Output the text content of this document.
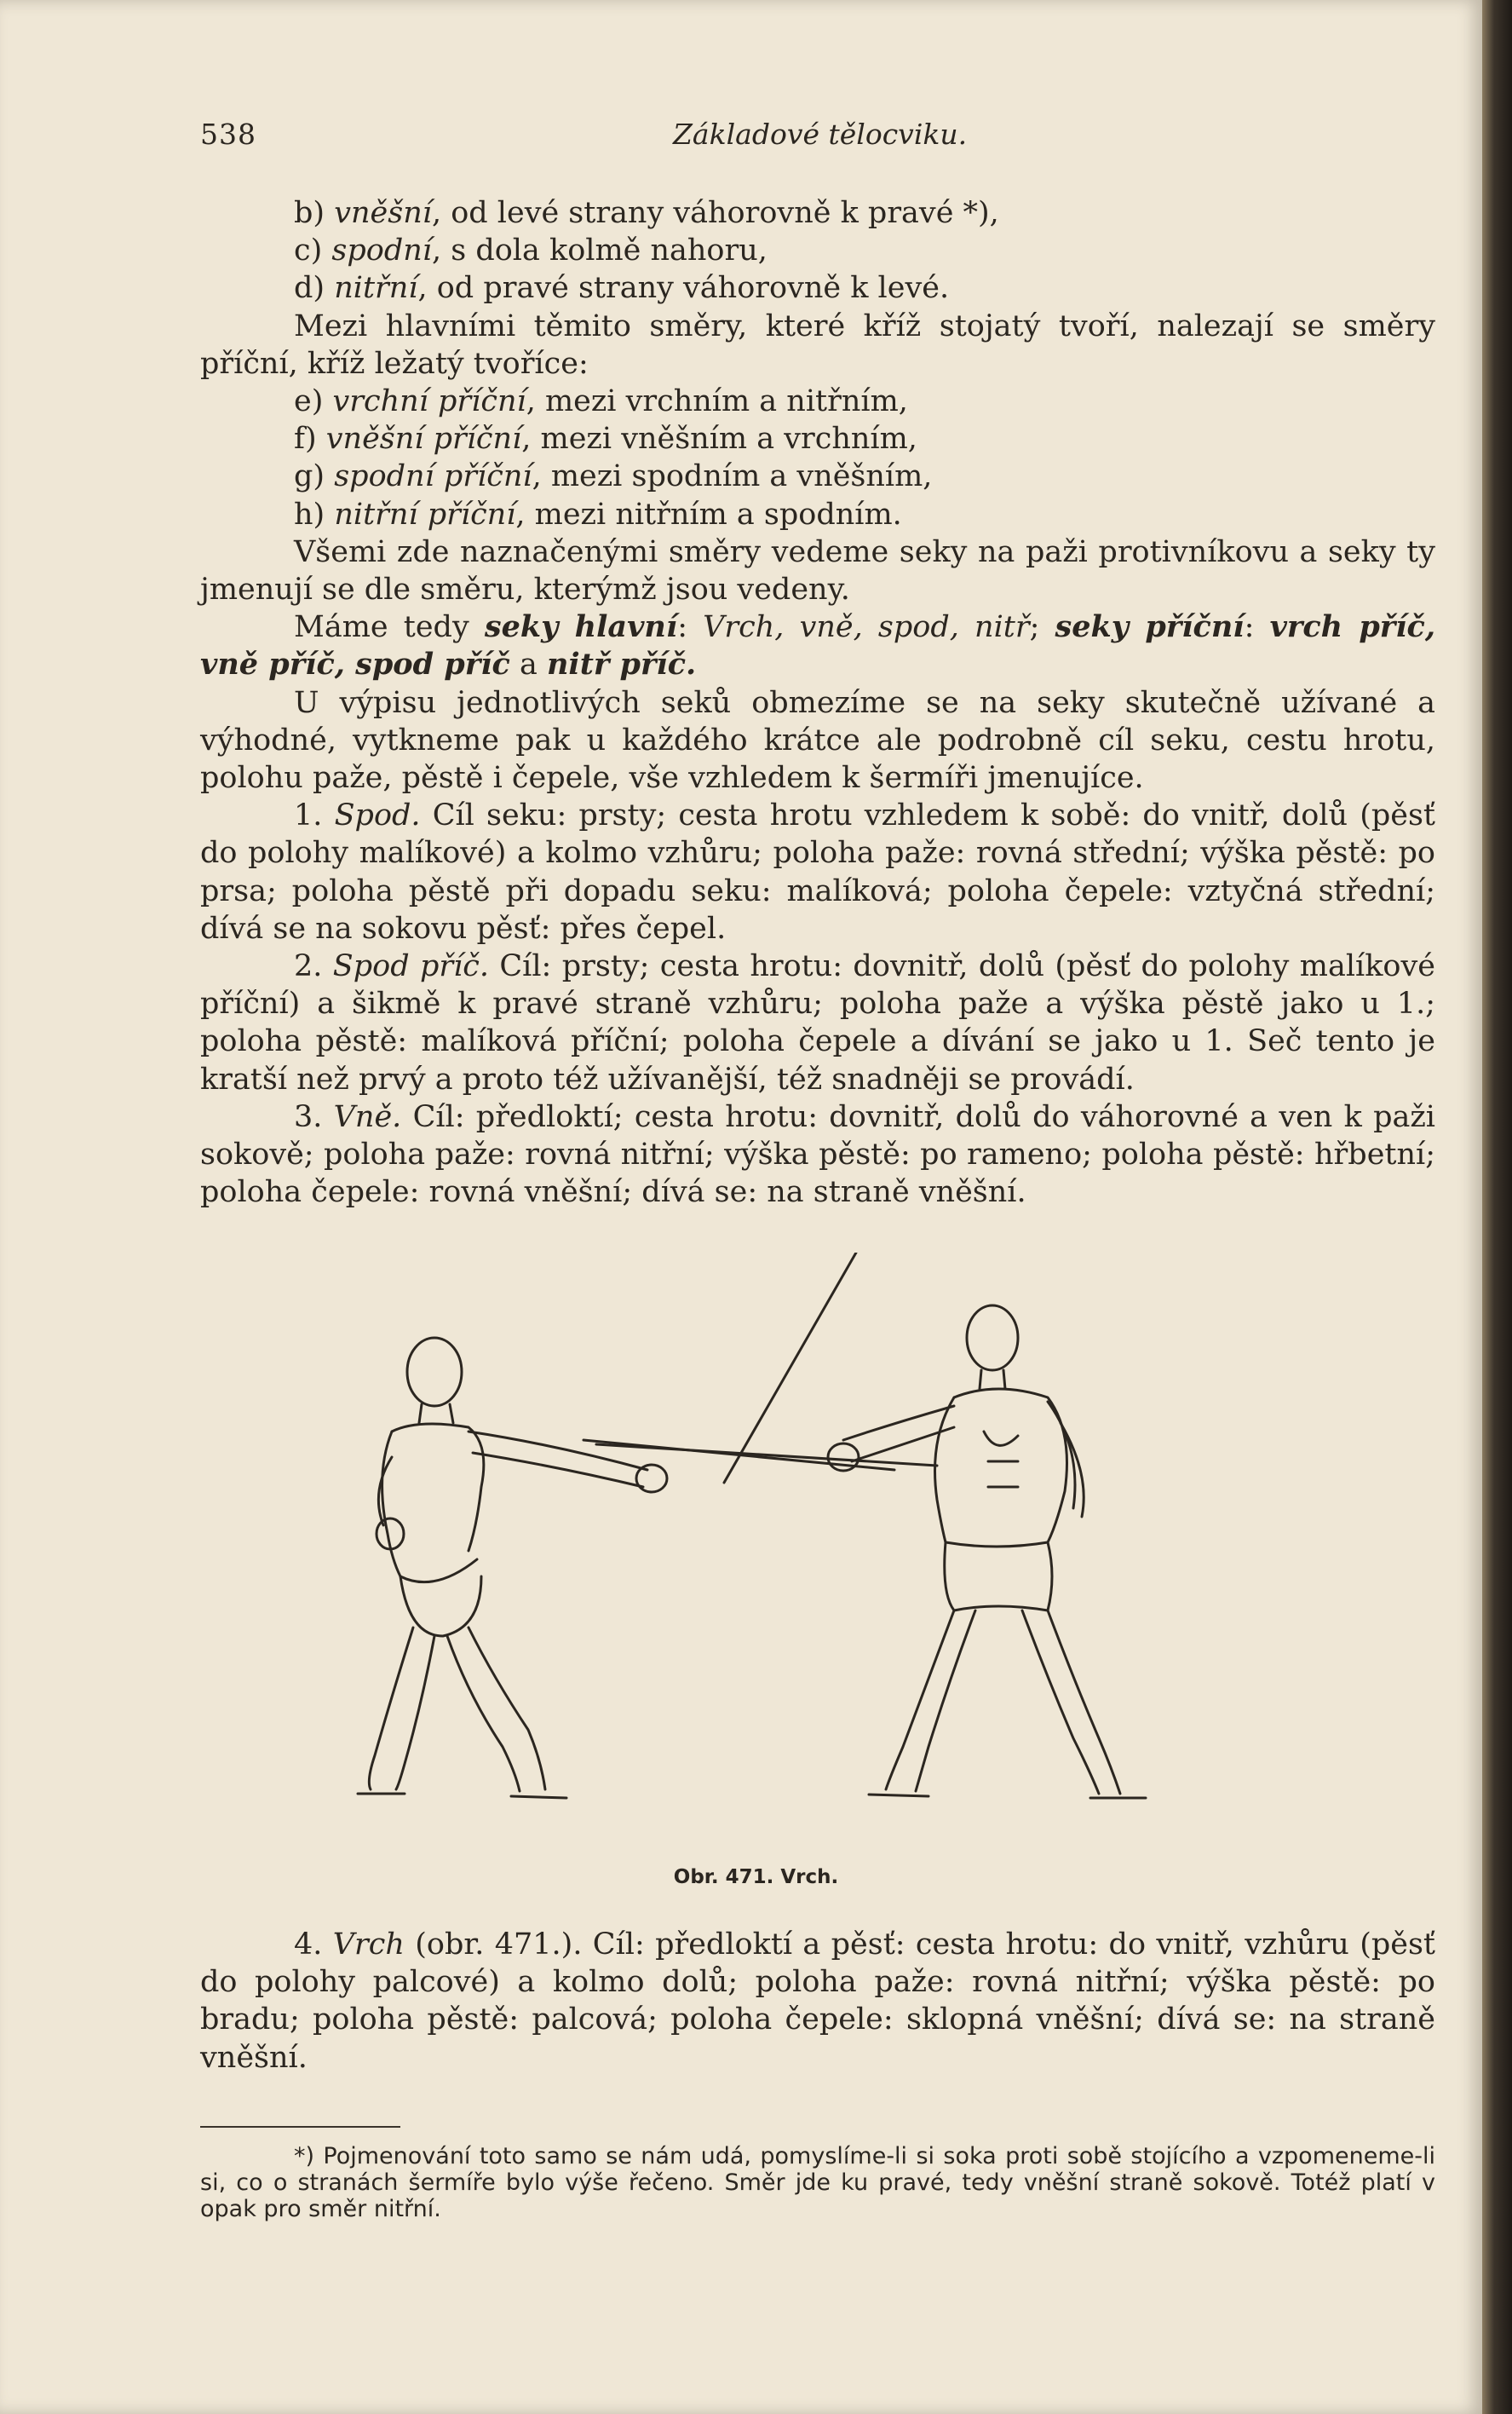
538	Základové tělocviku.

b) vněšní, od levé strany váhorovně k pravé *),

c) spodní, s dola kolmě nahoru,

d) nitřní, od pravé strany váhorovně k levé.

Mezi hlavními těmito směry, které kříž stojatý tvoří, nalezají se směry příční, kříž ležatý tvoříce:

e) vrchní příční, mezi vrchním a nitřním,

f) vněšní příční, mezi vněšním a vrchním,

g) spodní příční, mezi spodním a vněšním,

h) nitřní příční, mezi nitřním a spodním.

Všemi zde naznačenými směry vedeme seky na paži protivníkovu a seky ty jmenují se dle směru, kterýmž jsou vedeny.

Máme tedy seky hlavní: Vrch, vně, spod, nitř; seky příční: vrch příč, vně příč, spod příč a nitř příč.

U výpisu jednotlivých seků obmezíme se na seky skutečně užívané a výhodné, vytkneme pak u každého krátce ale podrobně cíl seku, cestu hrotu, polohu paže, pěstě i čepele, vše vzhledem k šermíři jmenujíce.

1. Spod. Cíl seku: prsty; cesta hrotu vzhledem k sobě: do vnitř, dolů (pěsť do polohy malíkové) a kolmo vzhůru; poloha paže: rovná střední; výška pěstě: po prsa; poloha pěstě při dopadu seku: malíková; poloha čepele: vztyčná střední; dívá se na sokovu pěsť: přes čepel.

2. Spod příč. Cíl: prsty; cesta hrotu: dovnitř, dolů (pěsť do polohy malíkové příční) a šikmě k pravé straně vzhůru; poloha paže a výška pěstě jako u 1.; poloha pěstě: malíková příční; poloha čepele a dívání se jako u 1. Seč tento je kratší než prvý a proto též užívanější, též snadněji se provádí.

3. Vně. Cíl: předloktí; cesta hrotu: dovnitř, dolů do váhorovné a ven k paži sokově; poloha paže: rovná nitřní; výška pěstě: po rameno; poloha pěstě: hřbetní; poloha čepele: rovná vněšní; dívá se: na straně vněšní.

Obr. 471. Vrch.

4. Vrch (obr. 471.). Cíl: předloktí a pěsť: cesta hrotu: do vnitř, vzhůru (pěsť do polohy palcové) a kolmo dolů; poloha paže: rovná nitřní; výška pěstě: po bradu; poloha pěstě: palcová; poloha čepele: sklopná vněšní; dívá se: na straně vněšní.

*) Pojmenování toto samo se nám udá, pomyslíme-li si soka proti sobě stojícího a vzpomeneme-li si, co o stranách šermíře bylo výše řečeno. Směr jde ku pravé, tedy vněšní straně sokově. Totéž platí v opak pro směr nitřní.
